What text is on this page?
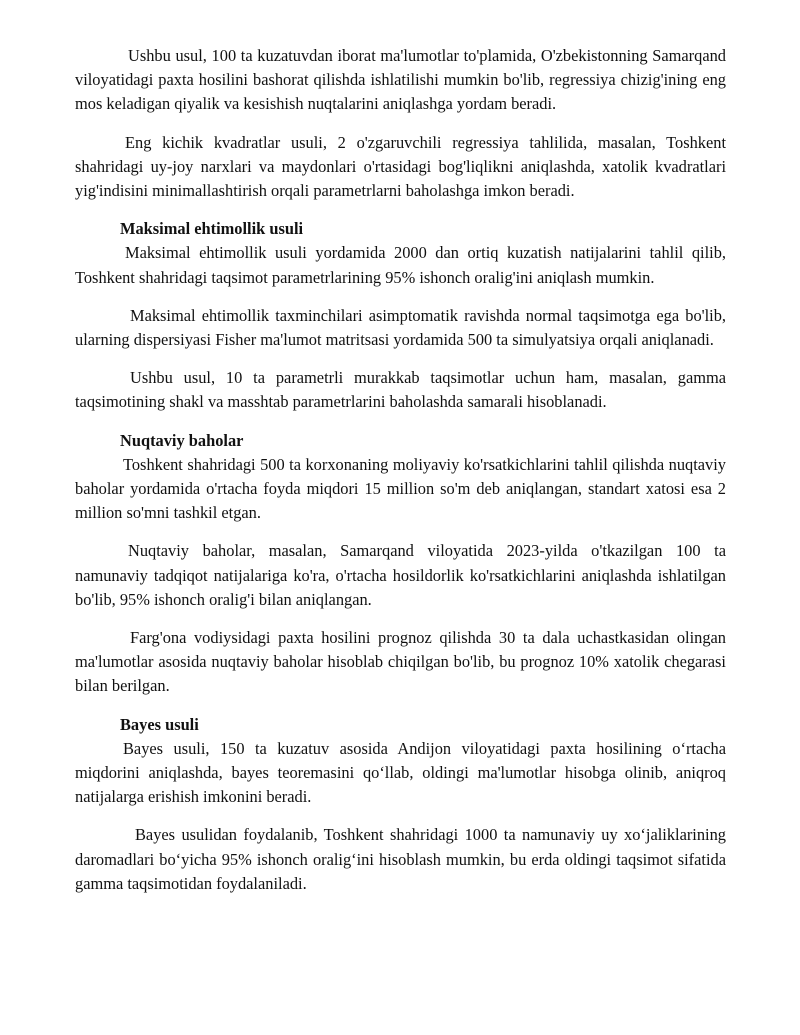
Ushbu usul, 100 ta kuzatuvdan iborat ma'lumotlar to'plamida, O'zbekistonning Samarqand viloyatidagi paxta hosilini bashorat qilishda ishlatilishi mumkin bo'lib, regressiya chizig'ining eng mos keladigan qiyalik va kesishish nuqtalarini aniqlashga yordam beradi.

Eng kichik kvadratlar usuli, 2 o'zgaruvchili regressiya tahlilida, masalan, Toshkent shahridagi uy-joy narxlari va maydonlari o'rtasidagi bog'liqlikni aniqlashda, xatolik kvadratlari yig'indisini minimallashtirish orqali parametrlarni baholashga imkon beradi.

Maksimal ehtimollik usuli

Maksimal ehtimollik usuli yordamida 2000 dan ortiq kuzatish natijalarini tahlil qilib, Toshkent shahridagi taqsimot parametrlarining 95% ishonch oralig'ini aniqlash mumkin.

Maksimal ehtimollik taxminchilari asimptomatik ravishda normal taqsimotga ega bo'lib, ularning dispersiyasi Fisher ma'lumot matritsasi yordamida 500 ta simulyatsiya orqali aniqlanadi.

Ushbu usul, 10 ta parametrli murakkab taqsimotlar uchun ham, masalan, gamma taqsimotining shakl va masshtab parametrlarini baholashda samarali hisoblanadi.

Nuqtaviy baholar

Toshkent shahridagi 500 ta korxonaning moliyaviy ko'rsatkichlarini tahlil qilishda nuqtaviy baholar yordamida o'rtacha foyda miqdori 15 million so'm deb aniqlangan, standart xatosi esa 2 million so'mni tashkil etgan.

Nuqtaviy baholar, masalan, Samarqand viloyatida 2023-yilda o'tkazilgan 100 ta namunaviy tadqiqot natijalariga ko'ra, o'rtacha hosildorlik ko'rsatkichlarini aniqlashda ishlatilgan bo'lib, 95% ishonch oralig'i bilan aniqlangan.

Farg'ona vodiysidagi paxta hosilini prognoz qilishda 30 ta dala uchastkasidan olingan ma'lumotlar asosida nuqtaviy baholar hisoblab chiqilgan bo'lib, bu prognoz 10% xatolik chegarasi bilan berilgan.

Bayes usuli

Bayes usuli, 150 ta kuzatuv asosida Andijon viloyatidagi paxta hosilining o‘rtacha miqdorini aniqlashda, bayes teoremasini qo‘llab, oldingi ma'lumotlar hisobga olinib, aniqroq natijalarga erishish imkonini beradi.

Bayes usulidan foydalanib, Toshkent shahridagi 1000 ta namunaviy uy xo‘jaliklarining daromadlari bo‘yicha 95% ishonch oralig‘ini hisoblash mumkin, bu erda oldingi taqsimot sifatida gamma taqsimotidan foydalaniladi.
